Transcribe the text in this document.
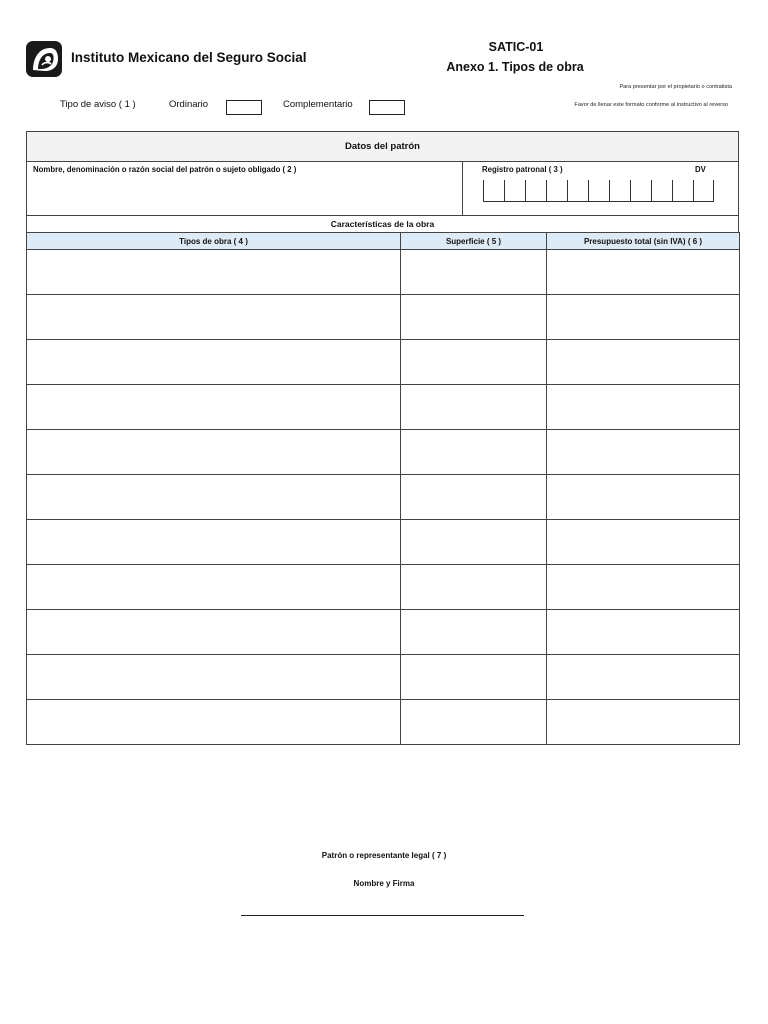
Instituto Mexicano del Seguro Social
SATIC-01
Anexo 1. Tipos de obra
Para presentar por el propietario o contratista
Favor de llenar este formato conforme al instructivo al reverso
Tipo de aviso ( 1 )	Ordinario	Complementario
Datos del patrón
Nombre, denominación o razón social del patrón o sujeto obligado ( 2 )	Registro patronal ( 3 )	DV
Características de la obra
Tipos de obra ( 4 )	Superficie ( 5 )	Presupuesto total (sin IVA) ( 6 )

Patrón o representante legal ( 7 )
Nombre y Firma
